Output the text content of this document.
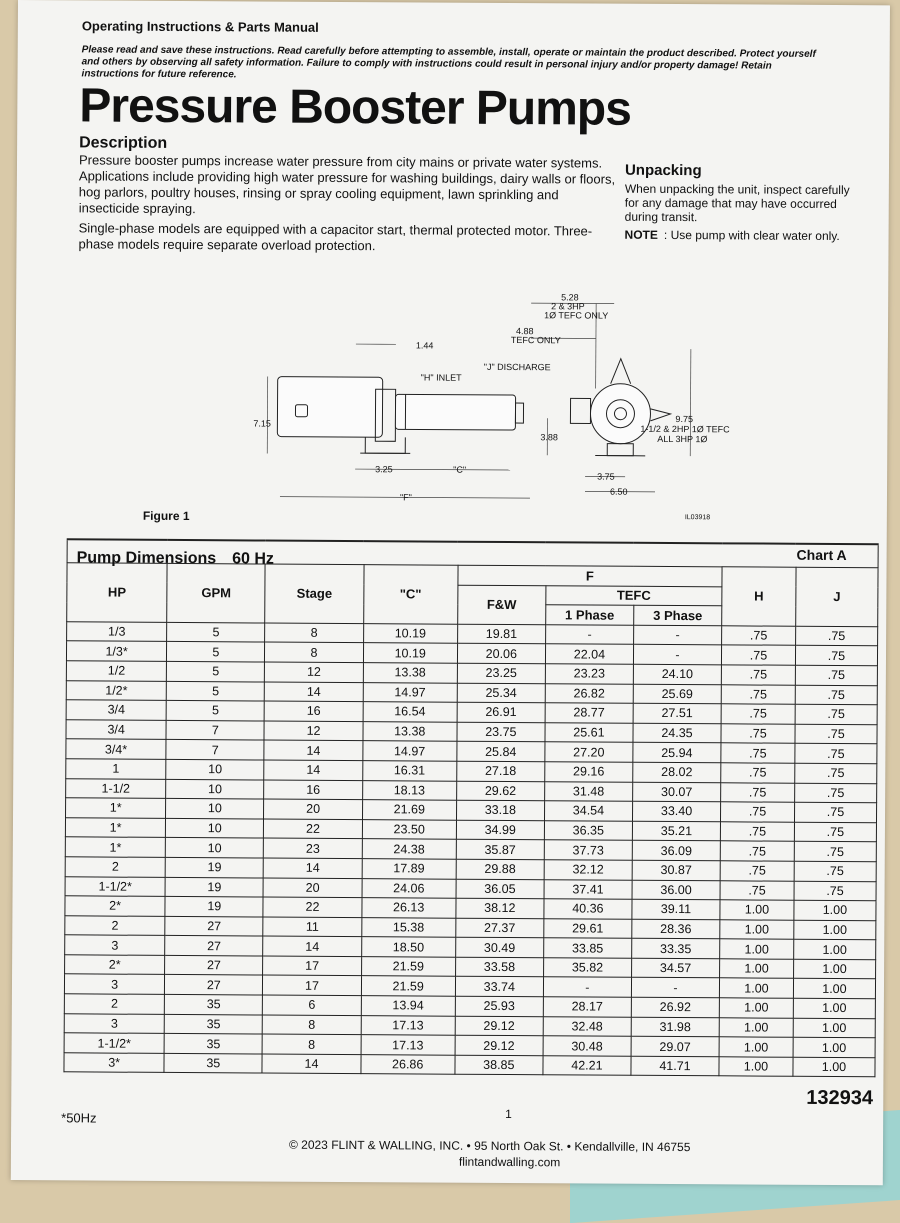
Operating Instructions & Parts Manual
Please read and save these instructions. Read carefully before attempting to assemble, install, operate or maintain the product described. Protect yourself and others by observing all safety information. Failure to comply with instructions could result in personal injury and/or property damage! Retain instructions for future reference.
Pressure Booster Pumps
Description
Pressure booster pumps increase water pressure from city mains or private water systems. Applications include providing high water pressure for washing buildings, dairy walls or floors, hog parlors, poultry houses, rinsing or spray cooling equipment, lawn sprinkling and insecticide spraying.
Single-phase models are equipped with a capacitor start, thermal protected motor. Three-phase models require separate overload protection.
Unpacking
When unpacking the unit, inspect carefully for any damage that may have occurred during transit.
NOTE : Use pump with clear water only.
5.28
2 & 3HP
1Ø TEFC ONLY
4.88
TEFC ONLY
1.44
"J" DISCHARGE
"H" INLET
7.15
3.88
9.75
1-1/2 & 2HP 1Ø TEFC
ALL 3HP 1Ø
3.25	"C"
3.75
6.50
"F"
Figure 1	IL03918

HP	GPM	Stage	"C"	F			H	J
				F&W	TEFC			
					1 Phase	3 Phase		
1/3	5	8	10.19	19.81	-	-	.75	.75
1/3*	5	8	10.19	20.06	22.04	-	.75	.75
1/2	5	12	13.38	23.25	23.23	24.10	.75	.75
1/2*	5	14	14.97	25.34	26.82	25.69	.75	.75
3/4	5	16	16.54	26.91	28.77	27.51	.75	.75
3/4	7	12	13.38	23.75	25.61	24.35	.75	.75
3/4*	7	14	14.97	25.84	27.20	25.94	.75	.75
1	10	14	16.31	27.18	29.16	28.02	.75	.75
1-1/2	10	16	18.13	29.62	31.48	30.07	.75	.75
1*	10	20	21.69	33.18	34.54	33.40	.75	.75
1*	10	22	23.50	34.99	36.35	35.21	.75	.75
1*	10	23	24.38	35.87	37.73	36.09	.75	.75
2	19	14	17.89	29.88	32.12	30.87	.75	.75
1-1/2*	19	20	24.06	36.05	37.41	36.00	.75	.75
2*	19	22	26.13	38.12	40.36	39.11	1.00	1.00
2	27	11	15.38	27.37	29.61	28.36	1.00	1.00
3	27	14	18.50	30.49	33.85	33.35	1.00	1.00
2*	27	17	21.59	33.58	35.82	34.57	1.00	1.00
3	27	17	21.59	33.74	-	-	1.00	1.00
2	35	6	13.94	25.93	28.17	26.92	1.00	1.00
3	35	8	17.13	29.12	32.48	31.98	1.00	1.00
1-1/2*	35	8	17.13	29.12	30.48	29.07	1.00	1.00
3*	35	14	26.86	38.85	42.21	41.71	1.00	1.00
Pump Dimensions 60 Hz	Chart A
132934
*50Hz	1
© 2023 FLINT & WALLING, INC. • 95 North Oak St. • Kendallville, IN 46755
flintandwalling.com
